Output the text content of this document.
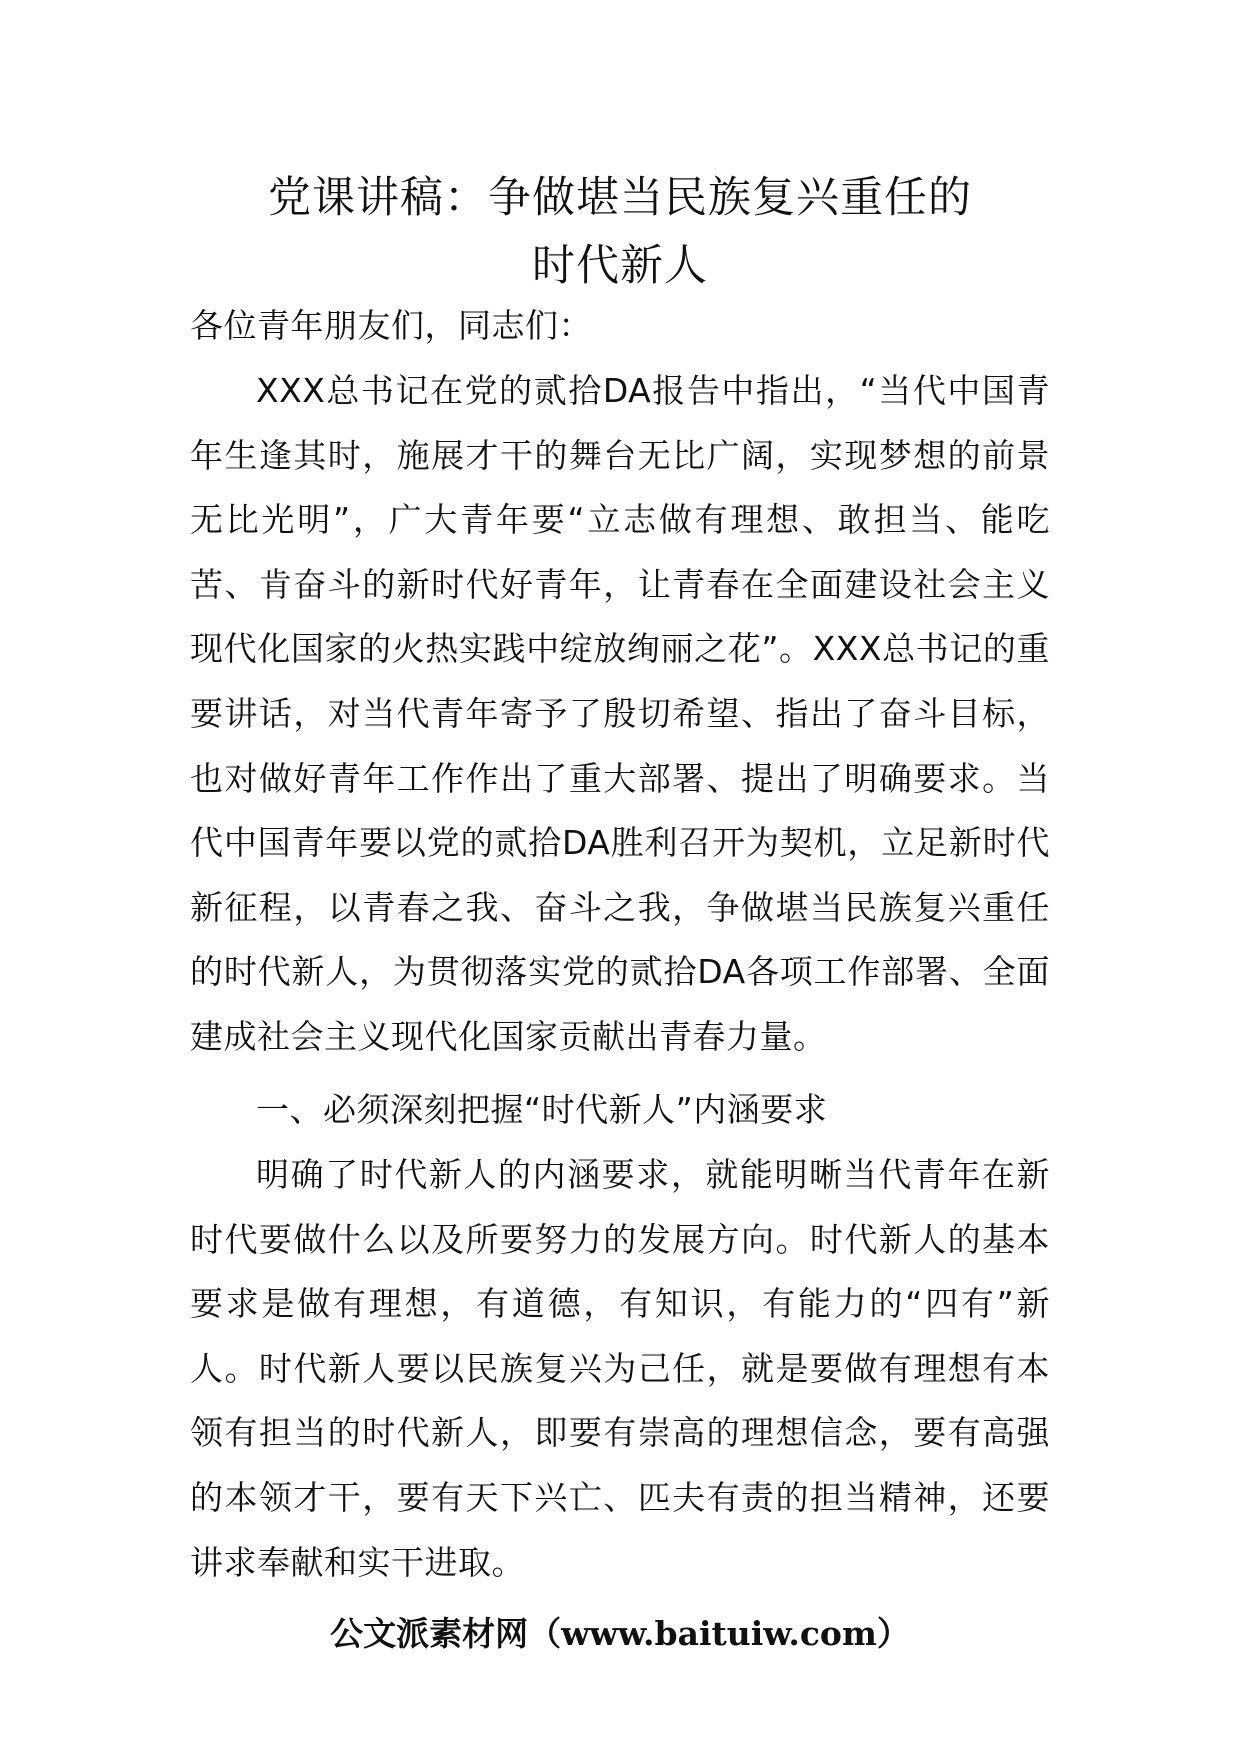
党课讲稿：争做堪当民族复兴重任的
时代新人

各位青年朋友们，同志们：

XXX总书记在党的贰拾DA报告中指出，“当代中国青年生逢其时，施展才干的舞台无比广阔，实现梦想的前景无比光明”，广大青年要“立志做有理想、敢担当、能吃苦、肯奋斗的新时代好青年，让青春在全面建设社会主义现代化国家的火热实践中绽放绚丽之花”。XXX总书记的重要讲话，对当代青年寄予了殷切希望、指出了奋斗目标，也对做好青年工作作出了重大部署、提出了明确要求。当代中国青年要以党的贰拾DA胜利召开为契机，立足新时代新征程，以青春之我、奋斗之我，争做堪当民族复兴重任的时代新人，为贯彻落实党的贰拾DA各项工作部署、全面建成社会主义现代化国家贡献出青春力量。

一、必须深刻把握“时代新人”内涵要求

明确了时代新人的内涵要求，就能明晰当代青年在新时代要做什么以及所要努力的发展方向。时代新人的基本要求是做有理想，有道德，有知识，有能力的“四有”新人。时代新人要以民族复兴为己任，就是要做有理想有本领有担当的时代新人，即要有崇高的理想信念，要有高强的本领才干，要有天下兴亡、匹夫有责的担当精神，还要讲求奉献和实干进取。

公文派素材网（www.baituiw.com）
